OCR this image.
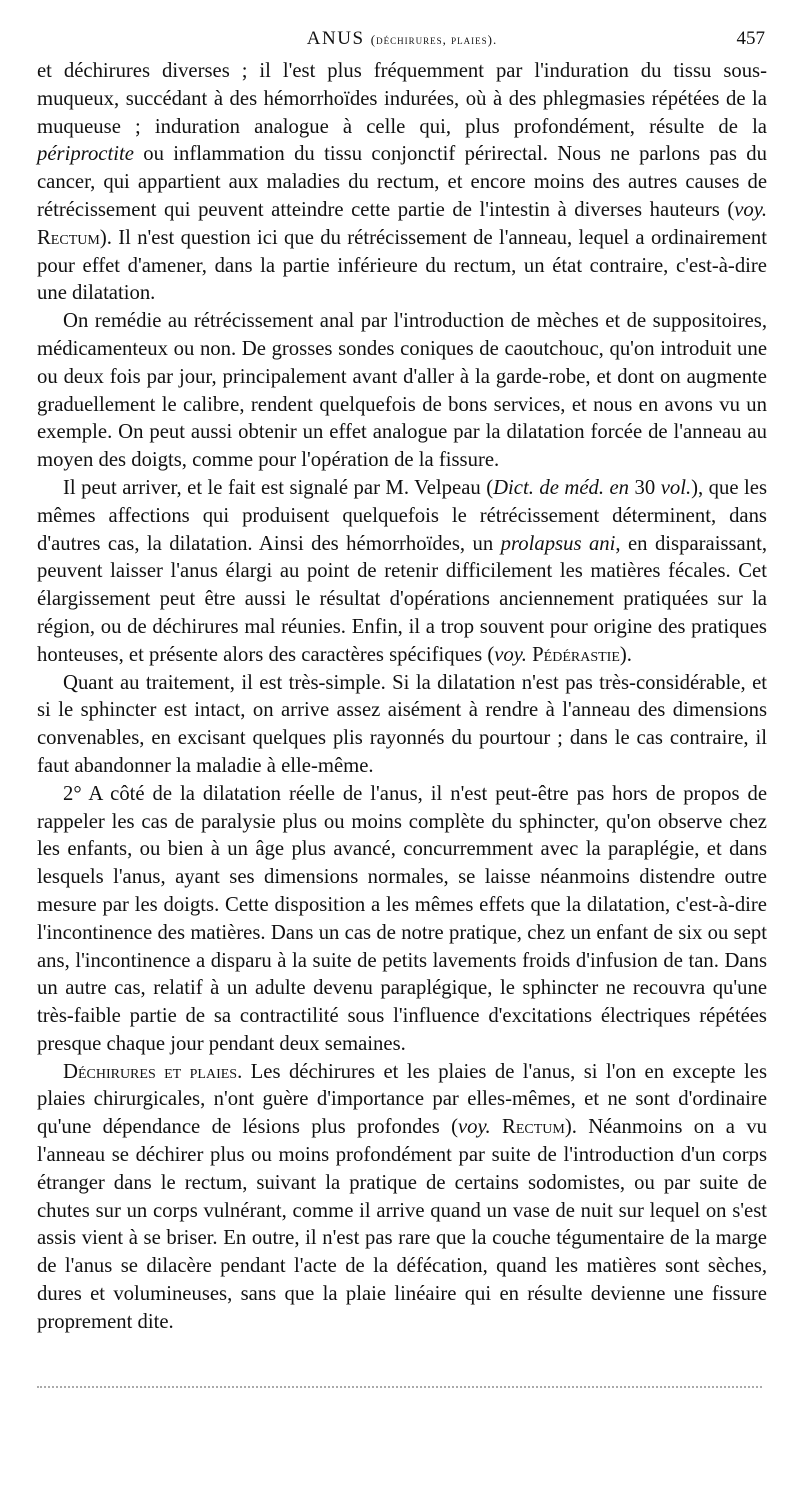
ANUS (déchirures, plaies).	457

et déchirures diverses ; il l'est plus fréquemment par l'induration du tissu sous-muqueux, succédant à des hémorrhoïdes indurées, où à des phlegmasies répétées de la muqueuse ; induration analogue à celle qui, plus profondément, résulte de la périproctite ou inflammation du tissu conjonctif périrectal. Nous ne parlons pas du cancer, qui appartient aux maladies du rectum, et encore moins des autres causes de rétrécissement qui peuvent atteindre cette partie de l'intestin à diverses hauteurs (voy. Rectum). Il n'est question ici que du rétrécissement de l'anneau, lequel a ordinairement pour effet d'amener, dans la partie inférieure du rectum, un état contraire, c'est-à-dire une dilatation.

On remédie au rétrécissement anal par l'introduction de mèches et de suppositoires, médicamenteux ou non. De grosses sondes coniques de caoutchouc, qu'on introduit une ou deux fois par jour, principalement avant d'aller à la garde-robe, et dont on augmente graduellement le calibre, rendent quelquefois de bons services, et nous en avons vu un exemple. On peut aussi obtenir un effet analogue par la dilatation forcée de l'anneau au moyen des doigts, comme pour l'opération de la fissure.

Il peut arriver, et le fait est signalé par M. Velpeau (Dict. de méd. en 30 vol.), que les mêmes affections qui produisent quelquefois le rétrécissement déterminent, dans d'autres cas, la dilatation. Ainsi des hémorrhoïdes, un prolapsus ani, en disparaissant, peuvent laisser l'anus élargi au point de retenir difficilement les matières fécales. Cet élargissement peut être aussi le résultat d'opérations anciennement pratiquées sur la région, ou de déchirures mal réunies. Enfin, il a trop souvent pour origine des pratiques honteuses, et présente alors des caractères spécifiques (voy. Pédérastie).

Quant au traitement, il est très-simple. Si la dilatation n'est pas très-considérable, et si le sphincter est intact, on arrive assez aisément à rendre à l'anneau des dimensions convenables, en excisant quelques plis rayonnés du pourtour ; dans le cas contraire, il faut abandonner la maladie à elle-même.

2° A côté de la dilatation réelle de l'anus, il n'est peut-être pas hors de propos de rappeler les cas de paralysie plus ou moins complète du sphincter, qu'on observe chez les enfants, ou bien à un âge plus avancé, concurremment avec la paraplégie, et dans lesquels l'anus, ayant ses dimensions normales, se laisse néanmoins distendre outre mesure par les doigts. Cette disposition a les mêmes effets que la dilatation, c'est-à-dire l'incontinence des matières. Dans un cas de notre pratique, chez un enfant de six ou sept ans, l'incontinence a disparu à la suite de petits lavements froids d'infusion de tan. Dans un autre cas, relatif à un adulte devenu paraplégique, le sphincter ne recouvra qu'une très-faible partie de sa contractilité sous l'influence d'excitations électriques répétées presque chaque jour pendant deux semaines.

Déchirures et plaies. Les déchirures et les plaies de l'anus, si l'on en excepte les plaies chirurgicales, n'ont guère d'importance par elles-mêmes, et ne sont d'ordinaire qu'une dépendance de lésions plus profondes (voy. Rectum). Néanmoins on a vu l'anneau se déchirer plus ou moins profondément par suite de l'introduction d'un corps étranger dans le rectum, suivant la pratique de certains sodomistes, ou par suite de chutes sur un corps vulnérant, comme il arrive quand un vase de nuit sur lequel on s'est assis vient à se briser. En outre, il n'est pas rare que la couche tégumentaire de la marge de l'anus se dilacère pendant l'acte de la défécation, quand les matières sont sèches, dures et volumineuses, sans que la plaie linéaire qui en résulte devienne une fissure proprement dite.
